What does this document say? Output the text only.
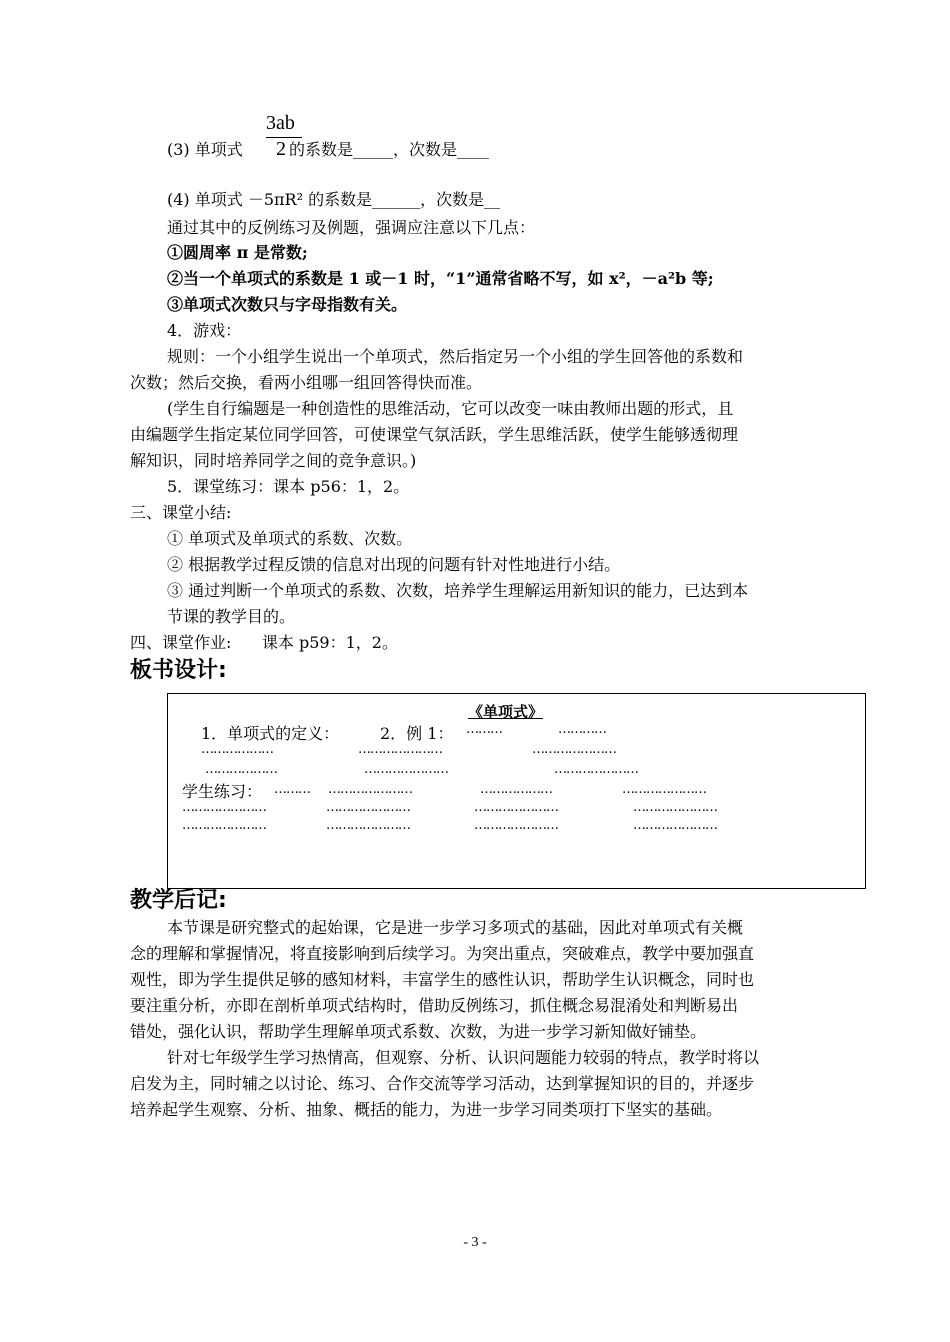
(3) 单项式
3ab
2 的系数是_____，次数是____
(4) 单项式 －5πR² 的系数是______，次数是__
通过其中的反例练习及例题，强调应注意以下几点：
①圆周率 π 是常数;
②当一个单项式的系数是 1 或－1 时，“1”通常省略不写，如 x²，－a²b 等;
③单项式次数只与字母指数有关。
4．游戏：
规则：一个小组学生说出一个单项式，然后指定另一个小组的学生回答他的系数和
次数；然后交换，看两小组哪一组回答得快而准。
(学生自行编题是一种创造性的思维活动，它可以改变一味由教师出题的形式，且
由编题学生指定某位同学回答，可使课堂气氛活跃，学生思维活跃，使学生能够透彻理
解知识，同时培养同学之间的竞争意识。)
5．课堂练习：课本 p56：1，2。
三、课堂小结:
① 单项式及单项式的系数、次数。
② 根据教学过程反馈的信息对出现的问题有针对性地进行小结。
③ 通过判断一个单项式的系数、次数，培养学生理解运用新知识的能力，已达到本
节课的教学目的。
四、课堂作业:      课本 p59：1，2。
板书设计:
《单项式》
1．单项式的定义：	2．例 1： ………	…………
………………	…………………	…………………
………………	…………………	…………………
学生练习： ……… …………………	………………	…………………
…………………	…………………	…………………	…………………
…………………	…………………	…………………	…………………
教学后记:
本节课是研究整式的起始课，它是进一步学习多项式的基础，因此对单项式有关概
念的理解和掌握情况，将直接影响到后续学习。为突出重点，突破难点，教学中要加强直
观性，即为学生提供足够的感知材料，丰富学生的感性认识，帮助学生认识概念，同时也
要注重分析，亦即在剖析单项式结构时，借助反例练习，抓住概念易混淆处和判断易出
错处，强化认识，帮助学生理解单项式系数、次数，为进一步学习新知做好铺垫。
针对七年级学生学习热情高，但观察、分析、认识问题能力较弱的特点，教学时将以
启发为主，同时辅之以讨论、练习、合作交流等学习活动，达到掌握知识的目的，并逐步
培养起学生观察、分析、抽象、概括的能力，为进一步学习同类项打下坚实的基础。
- 3 -
